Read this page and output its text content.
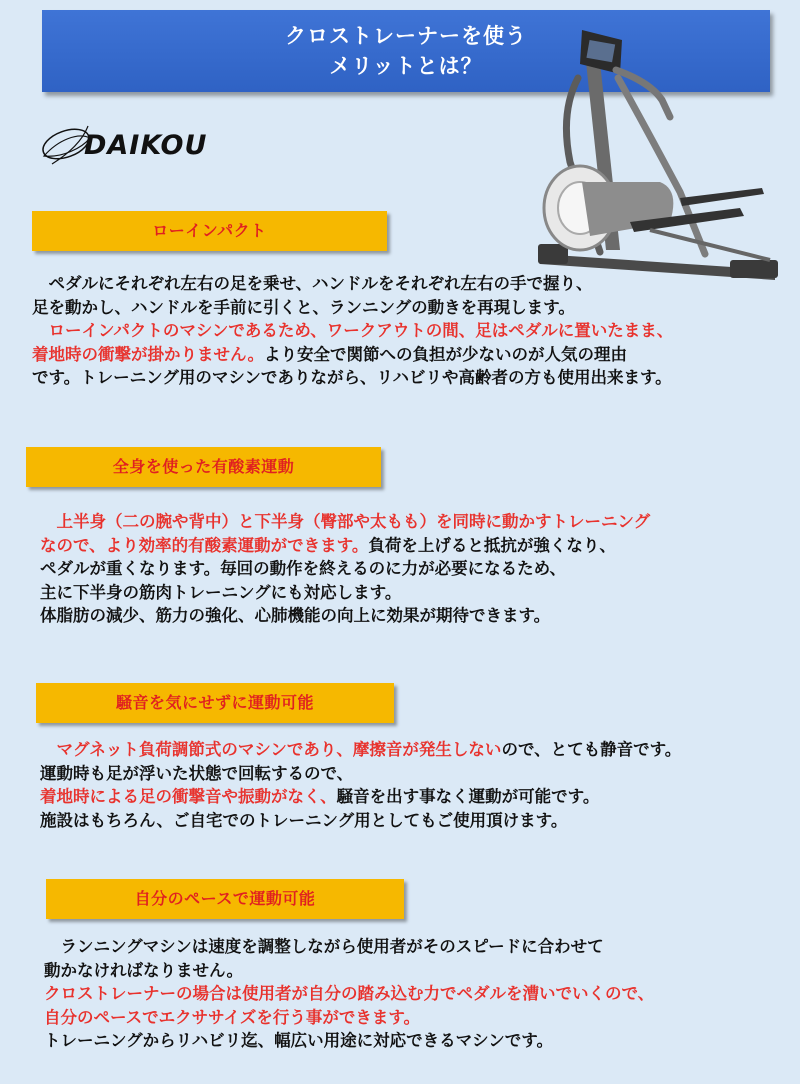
クロストレーナーを使う
メリットとは？
DAIKOU
ローインパクト
　ペダルにそれぞれ左右の足を乗せ、ハンドルをそれぞれ左右の手で握り、
足を動かし、ハンドルを手前に引くと、ランニングの動きを再現します。
　ローインパクトのマシンであるため、ワークアウトの間、足はペダルに置いたまま、
着地時の衝撃が掛かりません。より安全で関節への負担が少ないのが人気の理由
です。トレーニング用のマシンでありながら、リハビリや高齢者の方も使用出来ます。
全身を使った有酸素運動
　上半身（二の腕や背中）と下半身（臀部や太もも）を同時に動かすトレーニング
なので、より効率的有酸素運動ができます。負荷を上げると抵抗が強くなり、
ペダルが重くなります。毎回の動作を終えるのに力が必要になるため、
主に下半身の筋肉トレーニングにも対応します。
体脂肪の減少、筋力の強化、心肺機能の向上に効果が期待できます。
騒音を気にせずに運動可能
　マグネット負荷調節式のマシンであり、摩擦音が発生しないので、とても静音です。
運動時も足が浮いた状態で回転するので、
着地時による足の衝撃音や振動がなく、騒音を出す事なく運動が可能です。
施設はもちろん、ご自宅でのトレーニング用としてもご使用頂けます。
自分のペースで運動可能
　ランニングマシンは速度を調整しながら使用者がそのスピードに合わせて
動かなければなりません。
クロストレーナーの場合は使用者が自分の踏み込む力でペダルを漕いでいくので、
自分のペースでエクササイズを行う事ができます。
トレーニングからリハビリ迄、幅広い用途に対応できるマシンです。
